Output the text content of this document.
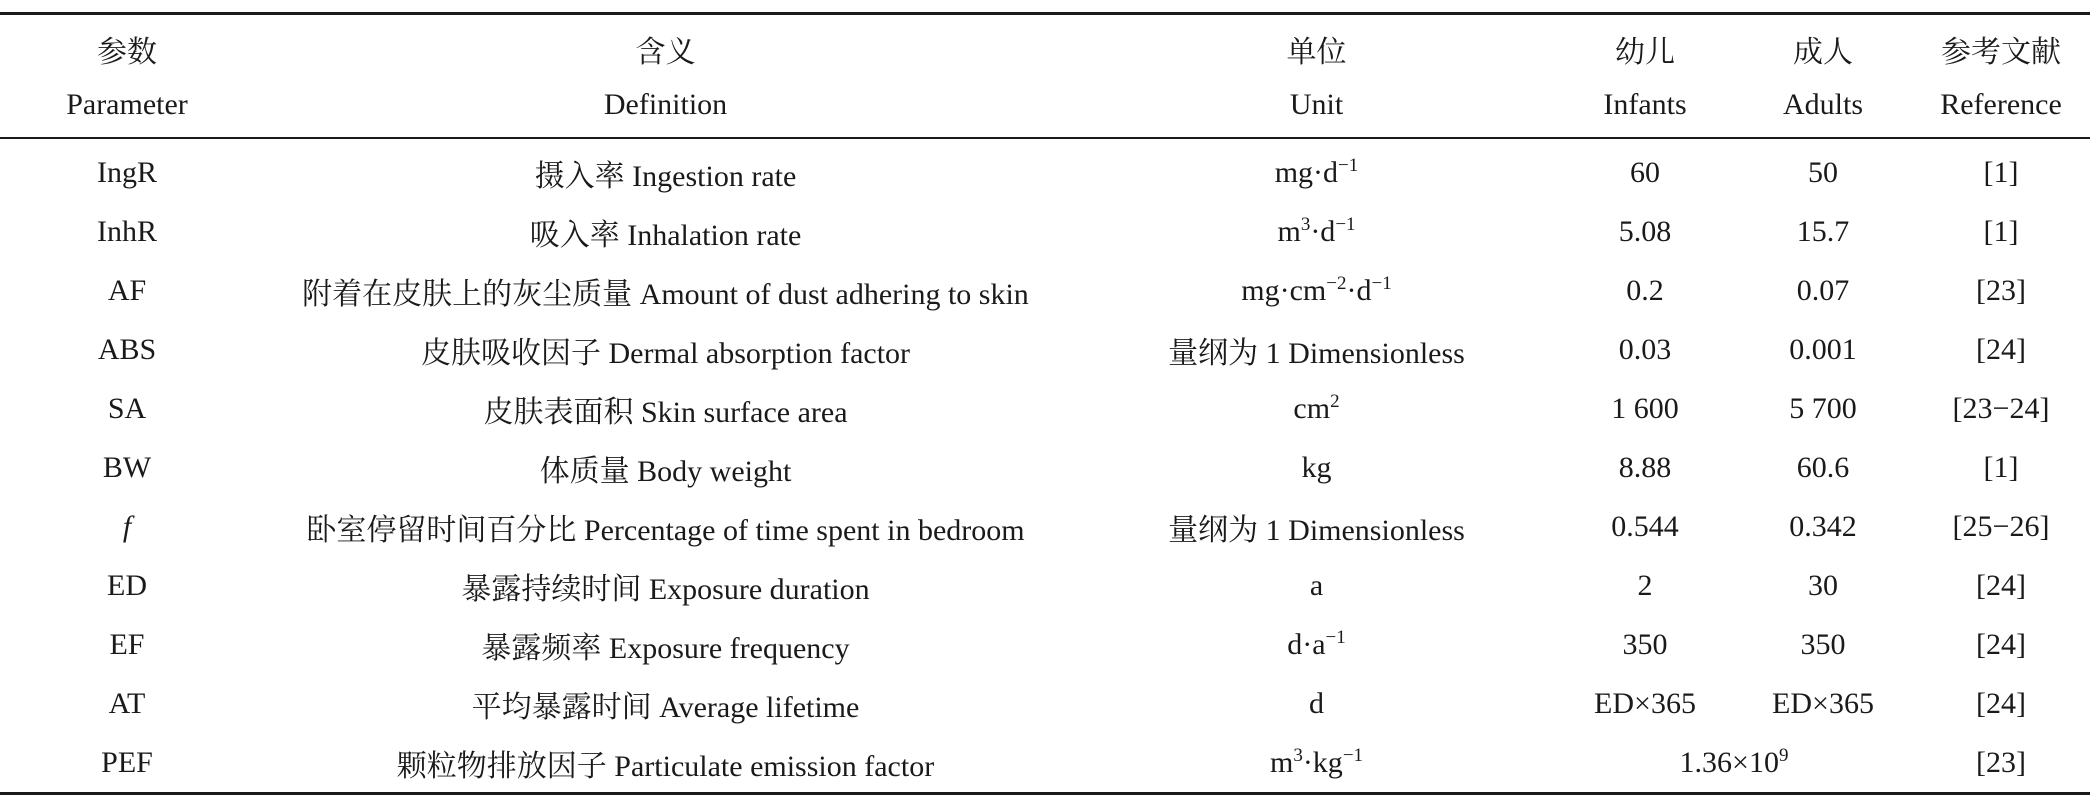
参数	含义	单位	幼儿	成人	参考文献
Parameter	Definition	Unit	Infants	Adults	Reference
IngR	摄入率 Ingestion rate	$mg\cdot d^{-1}$	60	50	[1]
InhR	吸入率 Inhalation rate	$m^3\cdot d^{-1}$	5.08	15.7	[1]
AF	附着在皮肤上的灰尘质量 Amount of dust adhering to skin	$mg\cdot cm^{-2}\cdot d^{-1}$	0.2	0.07	[23]
ABS	皮肤吸收因子 Dermal absorption factor	量纲为 1 Dimensionless	0.03	0.001	[24]
SA	皮肤表面积 Skin surface area	$cm^2$	1 600	5 700	[23−24]
BW	体质量 Body weight	kg	8.88	60.6	[1]
f	卧室停留时间百分比 Percentage of time spent in bedroom	量纲为 1 Dimensionless	0.544	0.342	[25−26]
ED	暴露持续时间 Exposure duration	a	2	30	[24]
EF	暴露频率 Exposure frequency	$d\cdot a^{-1}$	350	350	[24]
AT	平均暴露时间 Average lifetime	d	ED×365	ED×365	[24]
PEF	颗粒物排放因子 Particulate emission factor	$m^3\cdot kg^{-1}$	$1.36\times 10^9$		[23]
